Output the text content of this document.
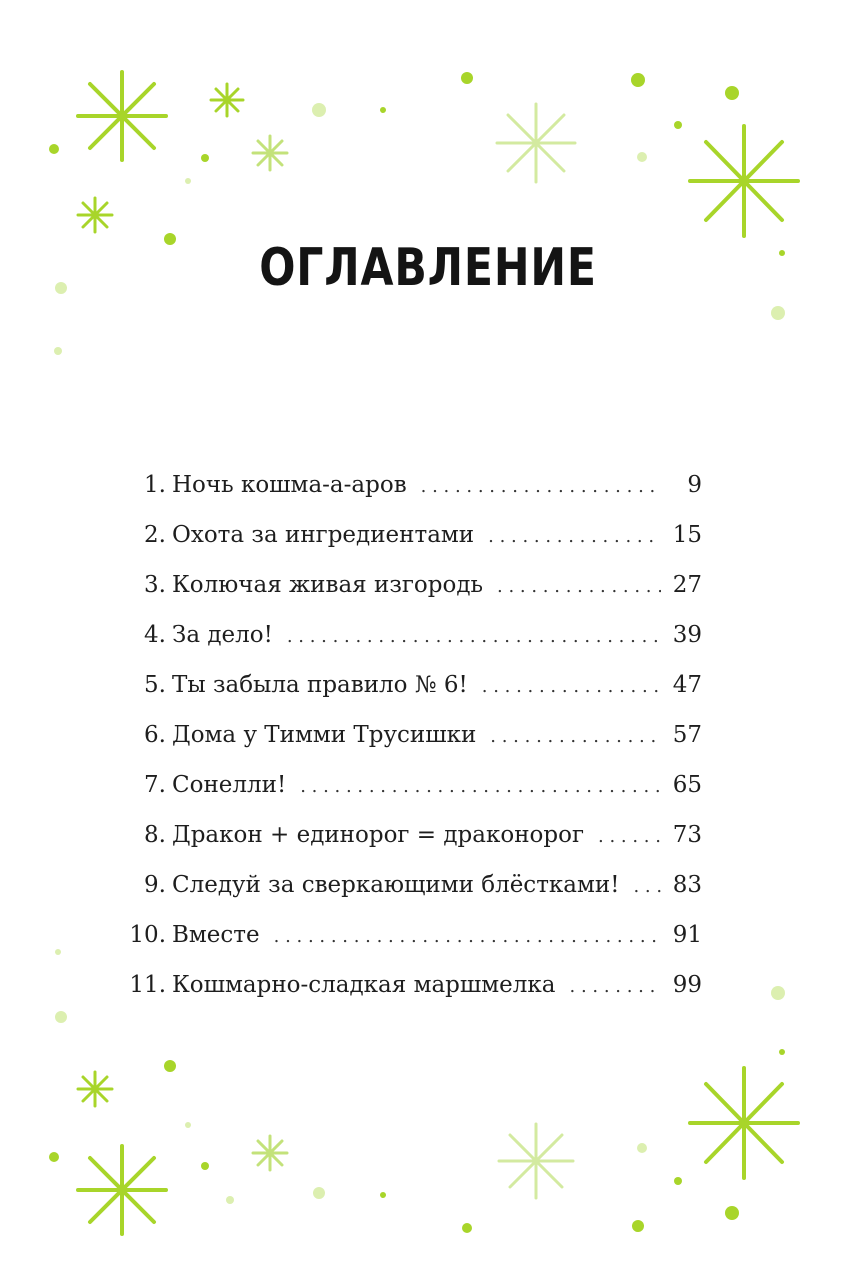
ОГЛАВЛЕНИЕ
1. Ночь кошма-а-аров . . .	9
2. Охота за ингредиентами . . .	15
3. Колючая живая изгородь . . .	27
4. За дело! . . .	39
5. Ты забыла правило № 6! . . .	47
6. Дома у Тимми Трусишки . . .	57
7. Сонелли! . . .	65
8. Дракон + единорог = драконорог . . .	73
9. Следуй за сверкающими блёстками! . . . 83
10. Вместе . . .	91
11. Кошмарно-сладкая маршмелка . . .	99
